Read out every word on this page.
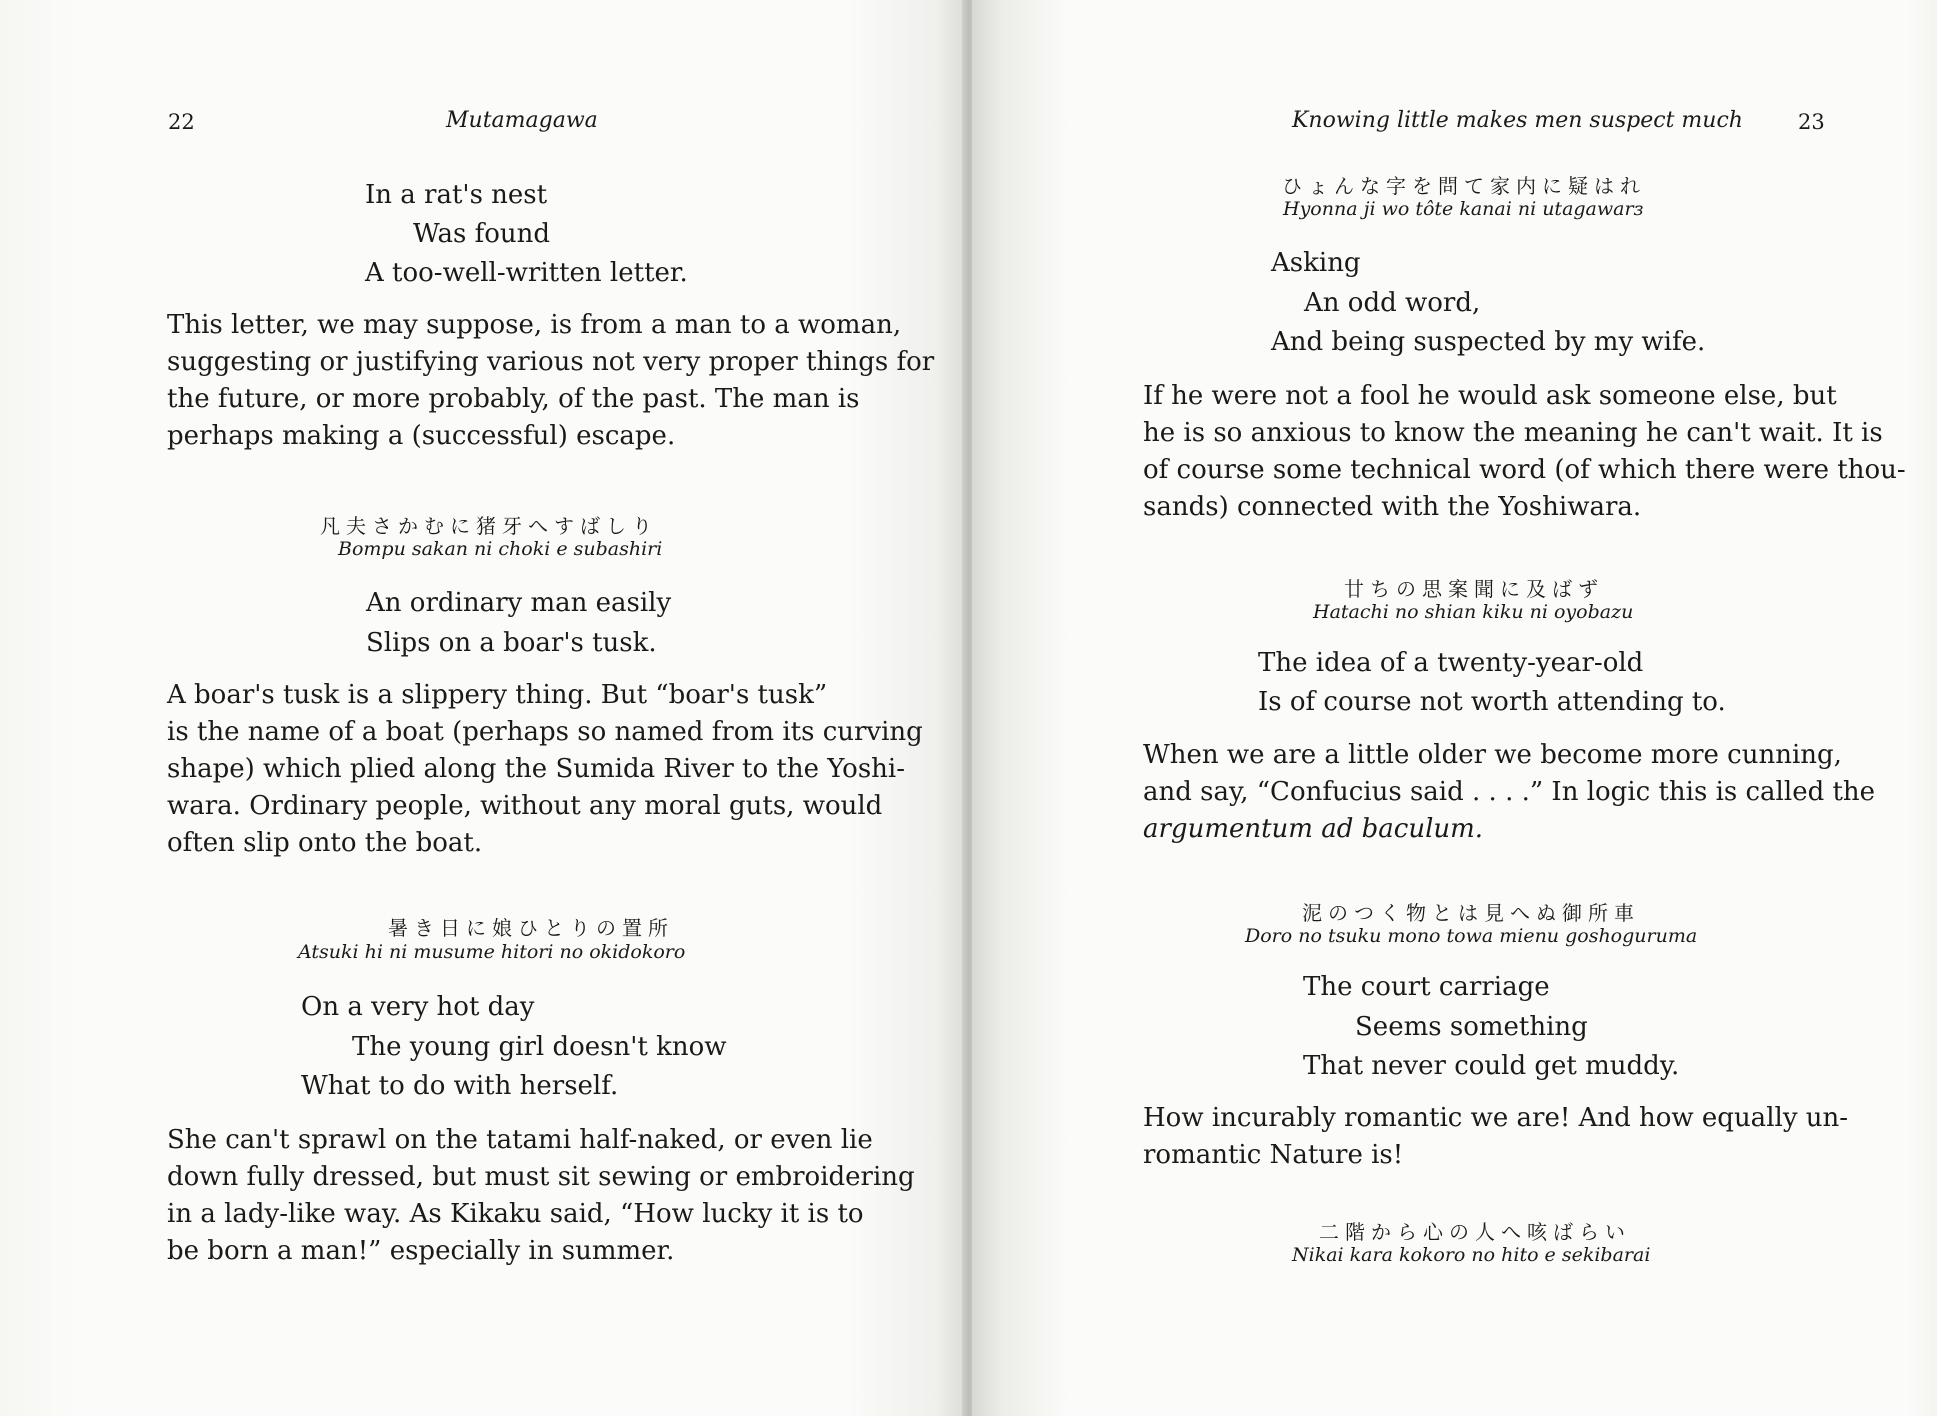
22	Mutamagawa
In a rat's nest
Was found
A too-well-written letter.
This letter, we may suppose, is from a man to a woman,
suggesting or justifying various not very proper things for
the future, or more probably, of the past. The man is
perhaps making a (successful) escape.
凡夫さかむに猪牙へすばしり
Bompu sakan ni choki e subashiri
An ordinary man easily
Slips on a boar's tusk.
A boar's tusk is a slippery thing. But “boar's tusk”
is the name of a boat (perhaps so named from its curving
shape) which plied along the Sumida River to the Yoshi-
wara. Ordinary people, without any moral guts, would
often slip onto the boat.
暑き日に娘ひとりの置所
Atsuki hi ni musume hitori no okidokoro
On a very hot day
The young girl doesn't know
What to do with herself.
She can't sprawl on the tatami half-naked, or even lie
down fully dressed, but must sit sewing or embroidering
in a lady-like way. As Kikaku said, “How lucky it is to
be born a man!” especially in summer.
Knowing little makes men suspect much	23
ひょんな字を問て家内に疑はれ
Hyonna ji wo tôte kanai ni utagawarɜ
Asking
An odd word,
And being suspected by my wife.
If he were not a fool he would ask someone else, but
he is so anxious to know the meaning he can't wait. It is
of course some technical word (of which there were thou-
sands) connected with the Yoshiwara.
廿ちの思案聞に及ばず
Hatachi no shian kiku ni oyobazu
The idea of a twenty-year-old
Is of course not worth attending to.
When we are a little older we become more cunning,
and say, “Confucius said . . . .” In logic this is called the
argumentum ad baculum.
泥のつく物とは見へぬ御所車
Doro no tsuku mono towa mienu goshoguruma
The court carriage
Seems something
That never could get muddy.
How incurably romantic we are! And how equally un-
romantic Nature is!
二階から心の人へ咳ばらい
Nikai kara kokoro no hito e sekibarai
